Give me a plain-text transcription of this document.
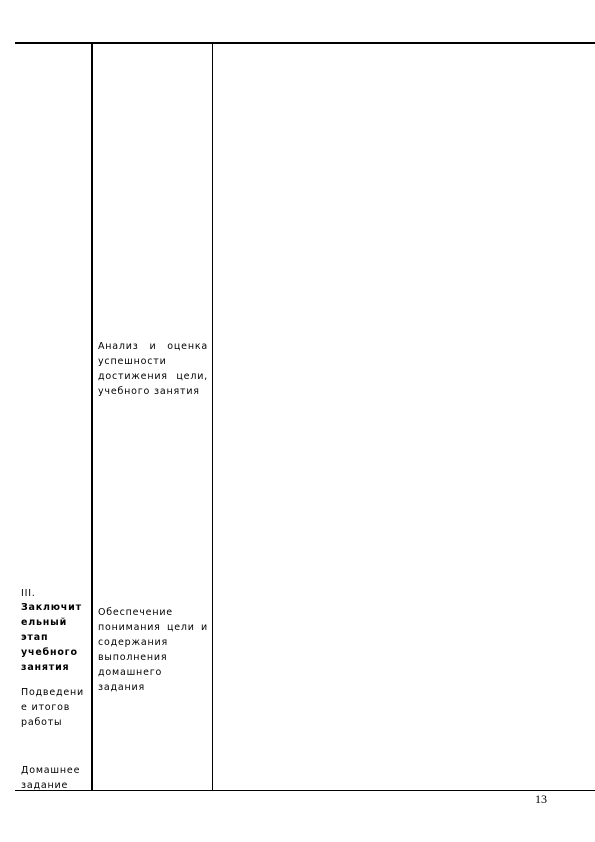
III.
Заключит
ельный
этап
учебного
занятия
Подведени
е итогов
работы
Домашнее
задание
Анализ и оценка успешности достижения цели, учебного занятия
Обеспечение понимания цели и содержания выполнения домашнего задания
13
